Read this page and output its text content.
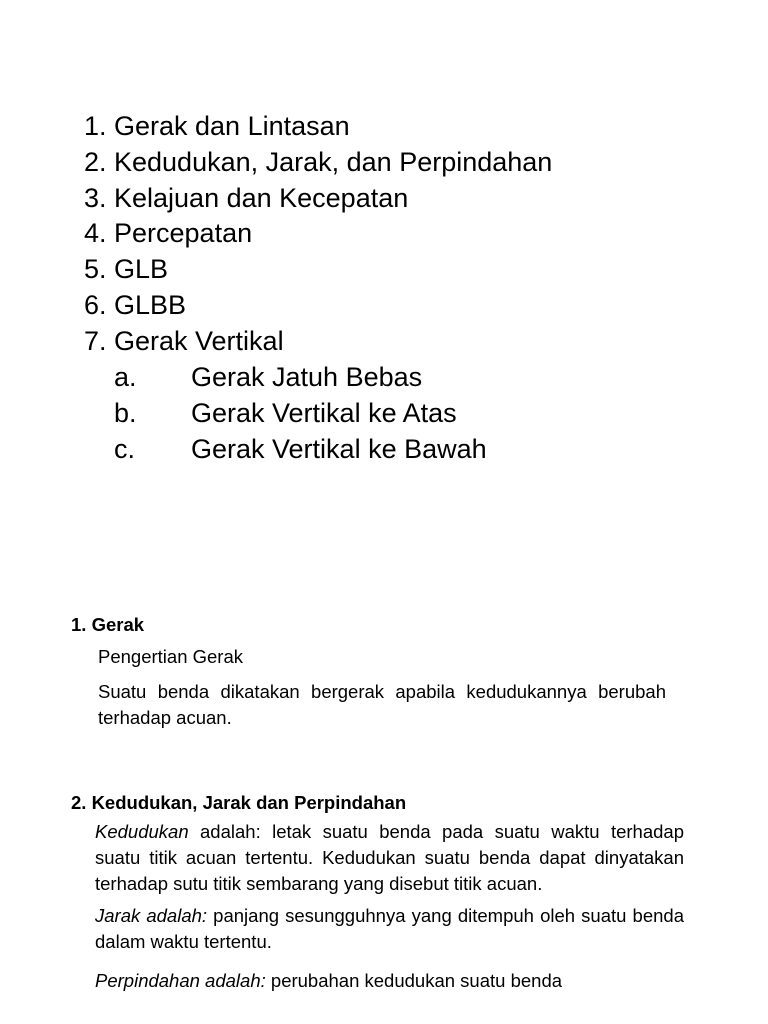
1. Gerak dan Lintasan
2. Kedudukan, Jarak, dan Perpindahan
3. Kelajuan dan Kecepatan
4. Percepatan
5. GLB
6. GLBB
7. Gerak Vertikal
a.	Gerak Jatuh Bebas
b.	Gerak Vertikal ke Atas
c.	Gerak Vertikal ke Bawah

1. Gerak

Pengertian Gerak

Suatu benda dikatakan bergerak apabila kedudukannya berubah terhadap acuan.

2. Kedudukan, Jarak dan Perpindahan

Kedudukan adalah: letak suatu benda pada suatu waktu terhadap suatu titik acuan tertentu. Kedudukan suatu benda dapat dinyatakan terhadap sutu titik sembarang yang disebut titik acuan.

Jarak adalah: panjang sesungguhnya yang ditempuh oleh suatu benda dalam waktu tertentu.

Perpindahan adalah: perubahan kedudukan suatu benda
